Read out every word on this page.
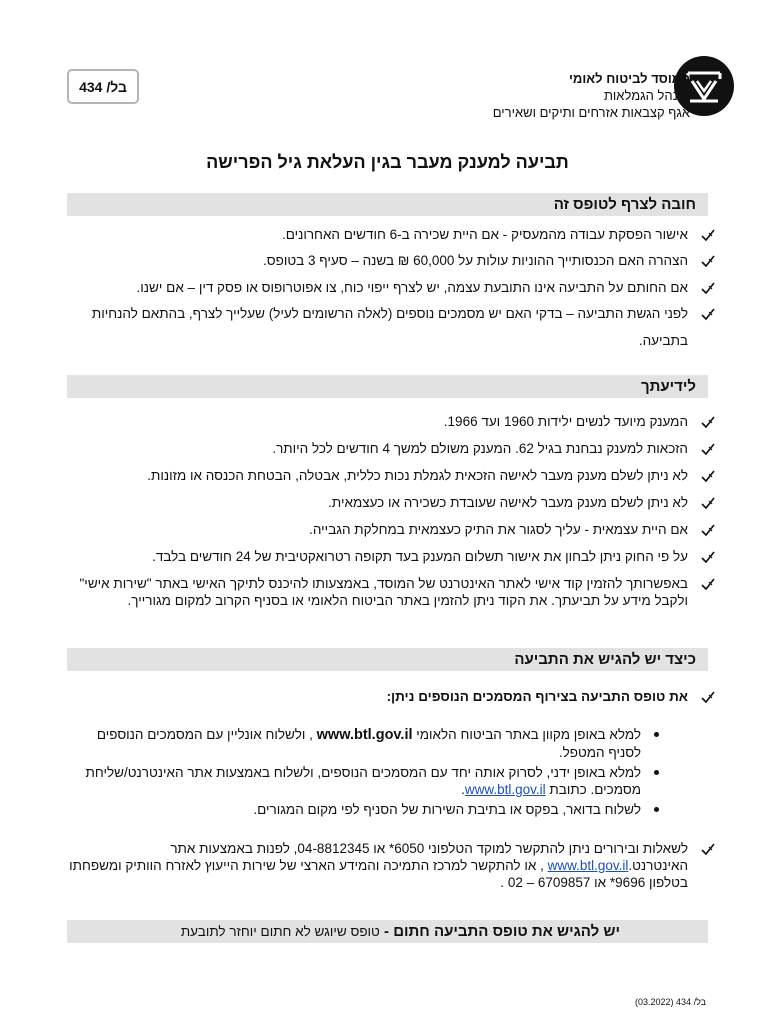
המוסד לביטוח לאומי
מינהל הגמלאות
אגף קצבאות אזרחים ותיקים ושאירים
בל/ 434
תביעה למענק מעבר בגין העלאת גיל הפרישה
חובה לצרף לטופס זה
אישור הפסקת עבודה מהמעסיק - אם היית שכירה ב-6 חודשים האחרונים.
הצהרה האם הכנסותייך ההוניות עולות על 60,000 ₪ בשנה – סעיף 3 בטופס.
אם החותם על התביעה אינו התובעת עצמה, יש לצרף ייפוי כוח, צו אפוטרופוס או פסק דין – אם ישנו.
לפני הגשת התביעה – בדקי האם יש מסמכים נוספים (לאלה הרשומים לעיל) שעלייך לצרף, בהתאם להנחיות בתביעה.
לידיעתך
המענק מיועד לנשים ילידות 1960 ועד 1966.
הזכאות למענק נבחנת בגיל 62. המענק משולם למשך 4 חודשים לכל היותר.
לא ניתן לשלם מענק מעבר לאישה הזכאית לגמלת נכות כללית, אבטלה, הבטחת הכנסה או מזונות.
לא ניתן לשלם מענק מעבר לאישה שעובדת כשכירה או כעצמאית.
אם היית עצמאית - עליך לסגור את התיק כעצמאית במחלקת הגבייה.
על פי החוק ניתן לבחון את אישור תשלום המענק בעד תקופה רטרואקטיבית של 24 חודשים בלבד.
באפשרותך להזמין קוד אישי לאתר האינטרנט של המוסד, באמצעותו להיכנס לתיקך האישי באתר "שירות אישי" ולקבל מידע על תביעתך. את הקוד ניתן להזמין באתר הביטוח הלאומי או בסניף הקרוב למקום מגורייך.
כיצד יש להגיש את התביעה
את טופס התביעה בצירוף המסמכים הנוספים ניתן:
למלא באופן מקוון באתר הביטוח הלאומי www.btl.gov.il , ולשלוח אונליין עם המסמכים הנוספים לסניף המטפל.
למלא באופן ידני, לסרוק אותה יחד עם המסמכים הנוספים, ולשלוח באמצעות אתר האינטרנט/שליחת מסמכים. כתובת www.btl.gov.il.
לשלוח בדואר, בפקס או בתיבת השירות של הסניף לפי מקום המגורים.
לשאלות ובירורים ניתן להתקשר למוקד הטלפוני 6050* או 04-8812345, לפנות באמצעות אתר האינטרנט.www.btl.gov.il , או להתקשר למרכז התמיכה והמידע הארצי של שירות הייעוץ לאזרח הוותיק ומשפחתו בטלפון 9696* או 6709857 – 02 .
יש להגיש את טופס התביעה חתום - טופס שיוגש לא חתום יוחזר לתובעת
בל/ 434 (03.2022)
